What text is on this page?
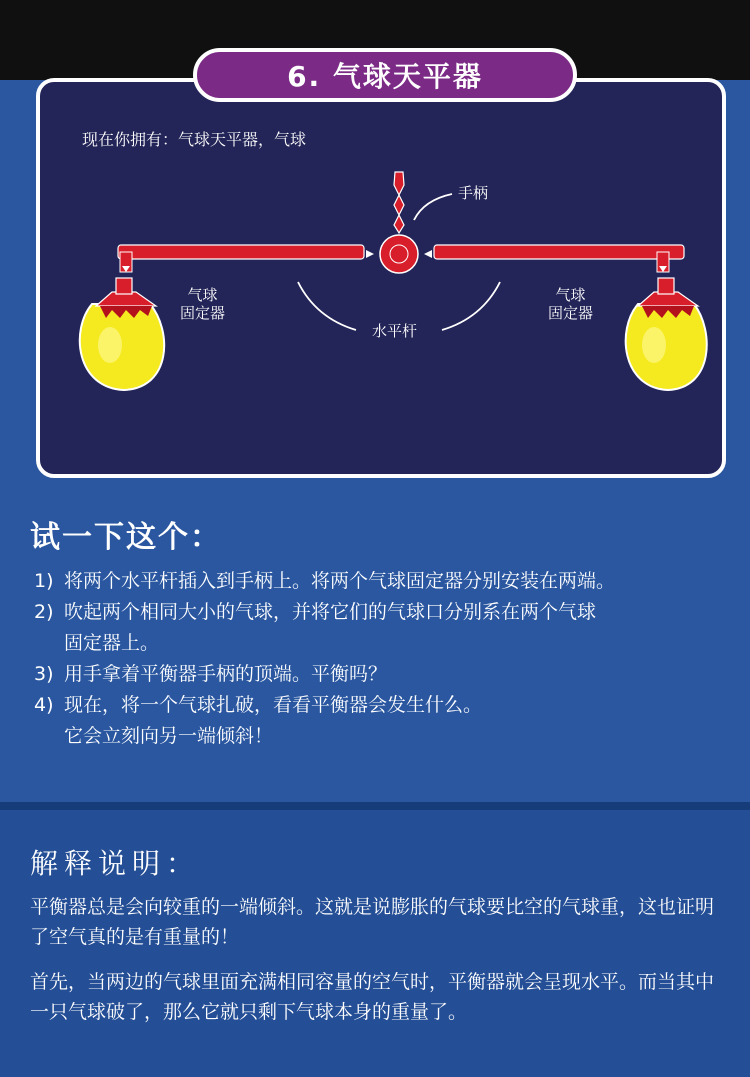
6. 气球天平器
现在你拥有：气球天平器，气球
手柄
气球
固定器
气球
固定器
水平杆
试一下这个：
1) 将两个水平杆插入到手柄上。将两个气球固定器分别安装在两端。
2) 吹起两个相同大小的气球，并将它们的气球口分别系在两个气球
固定器上。
3) 用手拿着平衡器手柄的顶端。平衡吗？
4) 现在，将一个气球扎破，看看平衡器会发生什么。
它会立刻向另一端倾斜！
解释说明：
平衡器总是会向较重的一端倾斜。这就是说膨胀的气球要比空的气球重，这也证明了空气真的是有重量的！
首先，当两边的气球里面充满相同容量的空气时，平衡器就会呈现水平。而当其中一只气球破了，那么它就只剩下气球本身的重量了。
